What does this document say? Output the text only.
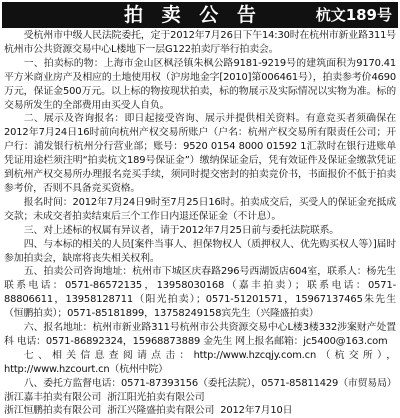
拍 卖 公 告	杭文189号

受杭州市中级人民法院委托，定于2012年7月26日下午14:30时在杭州市新业路311号杭州市公共资源交易中心L楼地下一层G122拍卖厅举行拍卖会。

一、拍卖标的物：上海市金山区枫泾镇朱枫公路9181-9219号的建筑面积为9170.41平方米商业房产及相应的土地使用权（沪房地金字[2010]第006461号），拍卖参考价4690万元，保证金500万元。以上标的物按现状拍卖，标的物展示及实际情况以实物为准。标的交易所发生的全部费用由买受人自负。

二、展示及咨询报名：即日起接受咨询、展示并提供相关资料。有意竞买者须确保在2012年7月24日16时前向杭州产权交易所账户（户名：杭州产权交易所有限责任公司；开户行：浦发银行杭州分行营业部；账号：9520 0154 8000 01592 1汇款时在银行进账单凭证用途栏须注明“拍卖杭文189号保证金”）缴纳保证金后，凭有效证件及保证金缴款凭证到杭州产权交易所办理报名竞买手续，须同时提交密封的拍卖竞价书，书面报价不低于拍卖参考价，否则不具备竞买资格。

报名时间：2012年7月24日9时至7月25日16时。拍卖成交后，买受人的保证金充抵成交款；未成交者拍卖结束后三个工作日内退还保证金（不计息）。

三、对上述标的权属有异议者，请于2012年7月25日前与委托法院联系。

四、与本标的相关的人员[案件当事人、担保物权人（质押权人、优先购买权人等）]届时参加拍卖会，缺席将丧失相关权利。

五、拍卖公司咨询地址：杭州市下城区庆春路296号西湖饭店604室，联系人：杨先生 联系电话：0571-86572135，13958030168（嘉丰拍卖）；联系电话：0571-88806611，13958128711（阳光拍卖）；0571-51201571，15967137465朱先生（恒鹏拍卖）；0571-85181899，13758249158宾先生（兴隆盛拍卖）

六、报名地址：杭州市新业路311号杭州市公共资源交易中心L楼3楼332涉案财产处置科 电话：0571-86892324，15968873889 金先生 网上报名邮箱：jc5400@163.com

七、相关信息查阅请点击：http://www.hzcqjy.com.cn（杭交所），http://www.hzcourt.cn（杭州中院）

八、委托方监督电话：0571-87393156（委托法院），0571-85811429（市贸易局）

浙江嘉丰拍卖有限公司 浙江阳光拍卖有限公司

浙江恒鹏拍卖有限公司 浙江兴隆盛拍卖有限公司 2012年7月10日
